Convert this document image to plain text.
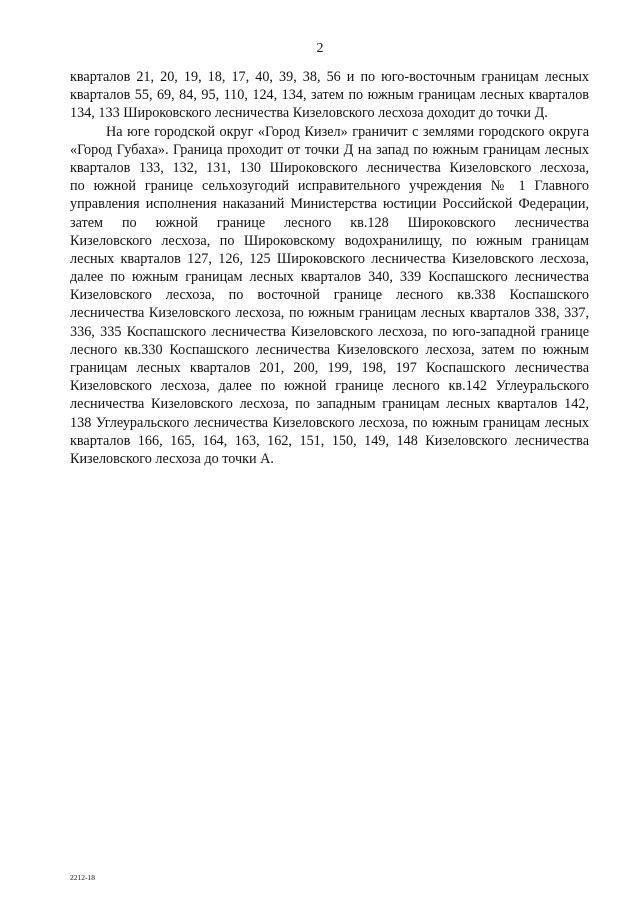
2
кварталов 21, 20, 19, 18, 17, 40, 39, 38, 56 и по юго-восточным границам лесных
кварталов 55, 69, 84, 95, 110, 124, 134, затем по южным границам лесных кварталов
134, 133 Широковского лесничества Кизеловского лесхоза доходит до точки Д.
На юге городской округ «Город Кизел» граничит с землями городского округа
«Город Губаха». Граница проходит от точки Д на запад по южным границам лесных
кварталов 133, 132, 131, 130 Широковского лесничества Кизеловского лесхоза,
по южной границе сельхозугодий исправительного учреждения № 1 Главного
управления исполнения наказаний Министерства юстиции Российской Федерации,
затем по южной границе лесного кв.128 Широковского лесничества
Кизеловского лесхоза, по Широковскому водохранилищу, по южным границам
лесных кварталов 127, 126, 125 Широковского лесничества Кизеловского лесхоза,
далее по южным границам лесных кварталов 340, 339 Коспашского лесничества
Кизеловского лесхоза, по восточной границе лесного кв.338 Коспашского
лесничества Кизеловского лесхоза, по южным границам лесных кварталов 338, 337,
336, 335 Коспашского лесничества Кизеловского лесхоза, по юго-западной границе
лесного кв.330 Коспашского лесничества Кизеловского лесхоза, затем по южным
границам лесных кварталов 201, 200, 199, 198, 197 Коспашского лесничества
Кизеловского лесхоза, далее по южной границе лесного кв.142 Углеуральского
лесничества Кизеловского лесхоза, по западным границам лесных кварталов 142,
138 Углеуральского лесничества Кизеловского лесхоза, по южным границам лесных
кварталов 166, 165, 164, 163, 162, 151, 150, 149, 148 Кизеловского лесничества
Кизеловского лесхоза до точки А.
2212-18
